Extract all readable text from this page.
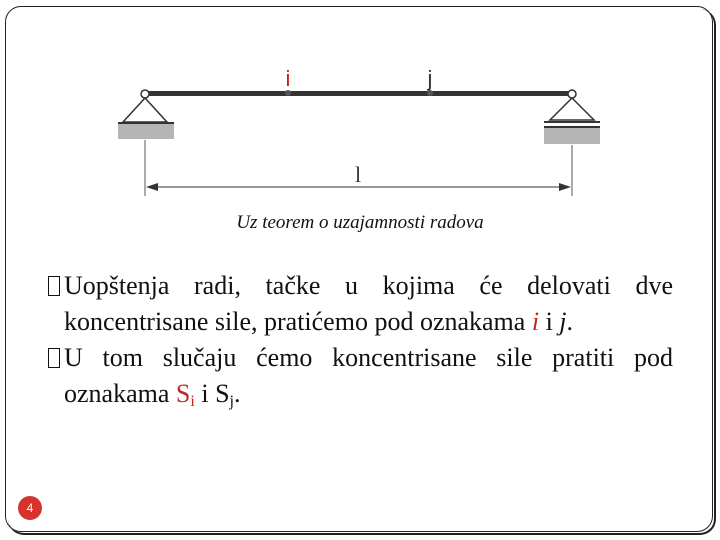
i	j
l
Uz teorem o uzajamnosti radova
Uopštenja radi, tačke u kojima će delovati dve koncentrisane sile, pratićemo pod oznakama i i j.
U tom slučaju ćemo koncentrisane sile pratiti pod oznakama $S_i$ i $S_j$.
4
